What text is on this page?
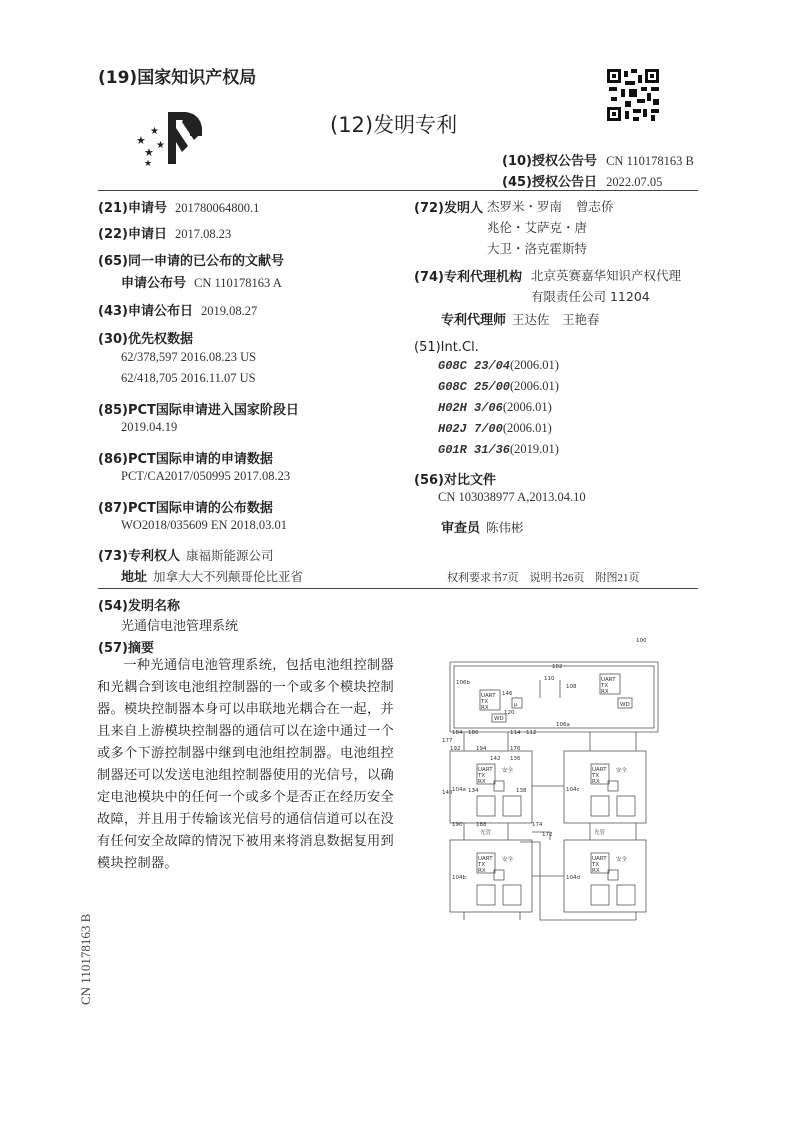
(19)国家知识产权局
★
★
★
★
★
(12)发明专利
(10)授权公告号 CN 110178163 B
(45)授权公告日 2022.07.05
(21)申请号 201780064800.1
(22)申请日 2017.08.23
(65)同一申请的已公布的文献号
申请公布号 CN 110178163 A
(43)申请公布日 2019.08.27
(30)优先权数据
62/378,597 2016.08.23 US
62/418,705 2016.11.07 US
(85)PCT国际申请进入国家阶段日
2019.04.19
(86)PCT国际申请的申请数据
PCT/CA2017/050995 2017.08.23
(87)PCT国际申请的公布数据
WO2018/035609 EN 2018.03.01
(73)专利权人 康福斯能源公司
地址 加拿大大不列颠哥伦比亚省
(72)发明人 杰罗米・罗南 曾志侨
兆伦・艾萨克・唐
大卫・洛克霍斯特
(74)专利代理机构 北京英赛嘉华知识产权代理
有限责任公司 11204
专利代理师 王达佐　王艳春
(51)Int.Cl.
G08C 23/04(2006.01)
G08C 25/00(2006.01)
H02H 3/06(2006.01)
H02J 7/00(2006.01)
G01R 31/36(2019.01)
(56)对比文件
CN 103038977 A,2013.04.10
审查员 陈伟彬
权利要求书7页　说明书26页　附图21页
(54)发明名称
光通信电池管理系统
(57)摘要

一种光通信电池管理系统，包括电池组控制器和光耦合到该电池组控制器的一个或多个模块控制器。模块控制器本身可以串联地光耦合在一起，并且来自上游模块控制器的通信可以在途中通过一个或多个下游控制器中继到电池组控制器。电池组控制器还可以发送电池组控制器使用的光信号，以确定电池模块中的任何一个或多个是否正在经历安全故障，并且用于传输该光信号的通信信道可以在没有任何安全故障的情况下被用来将消息数据复用到模块控制器。

CN 110178163 B
100
102
106b
110
108
146
120
106a
184 186	114 112
177
192	194
142 136
176
140	134	138
190 188	174
172
104a
104b
104c
104d
UART
TX
RX
UART
TX
RX
WD
WD
μ
UART
TX
RX
安全	UART
TX
RX
安全
UART
TX
RX
安全	UART
TX
RX
安全
光管	光管
